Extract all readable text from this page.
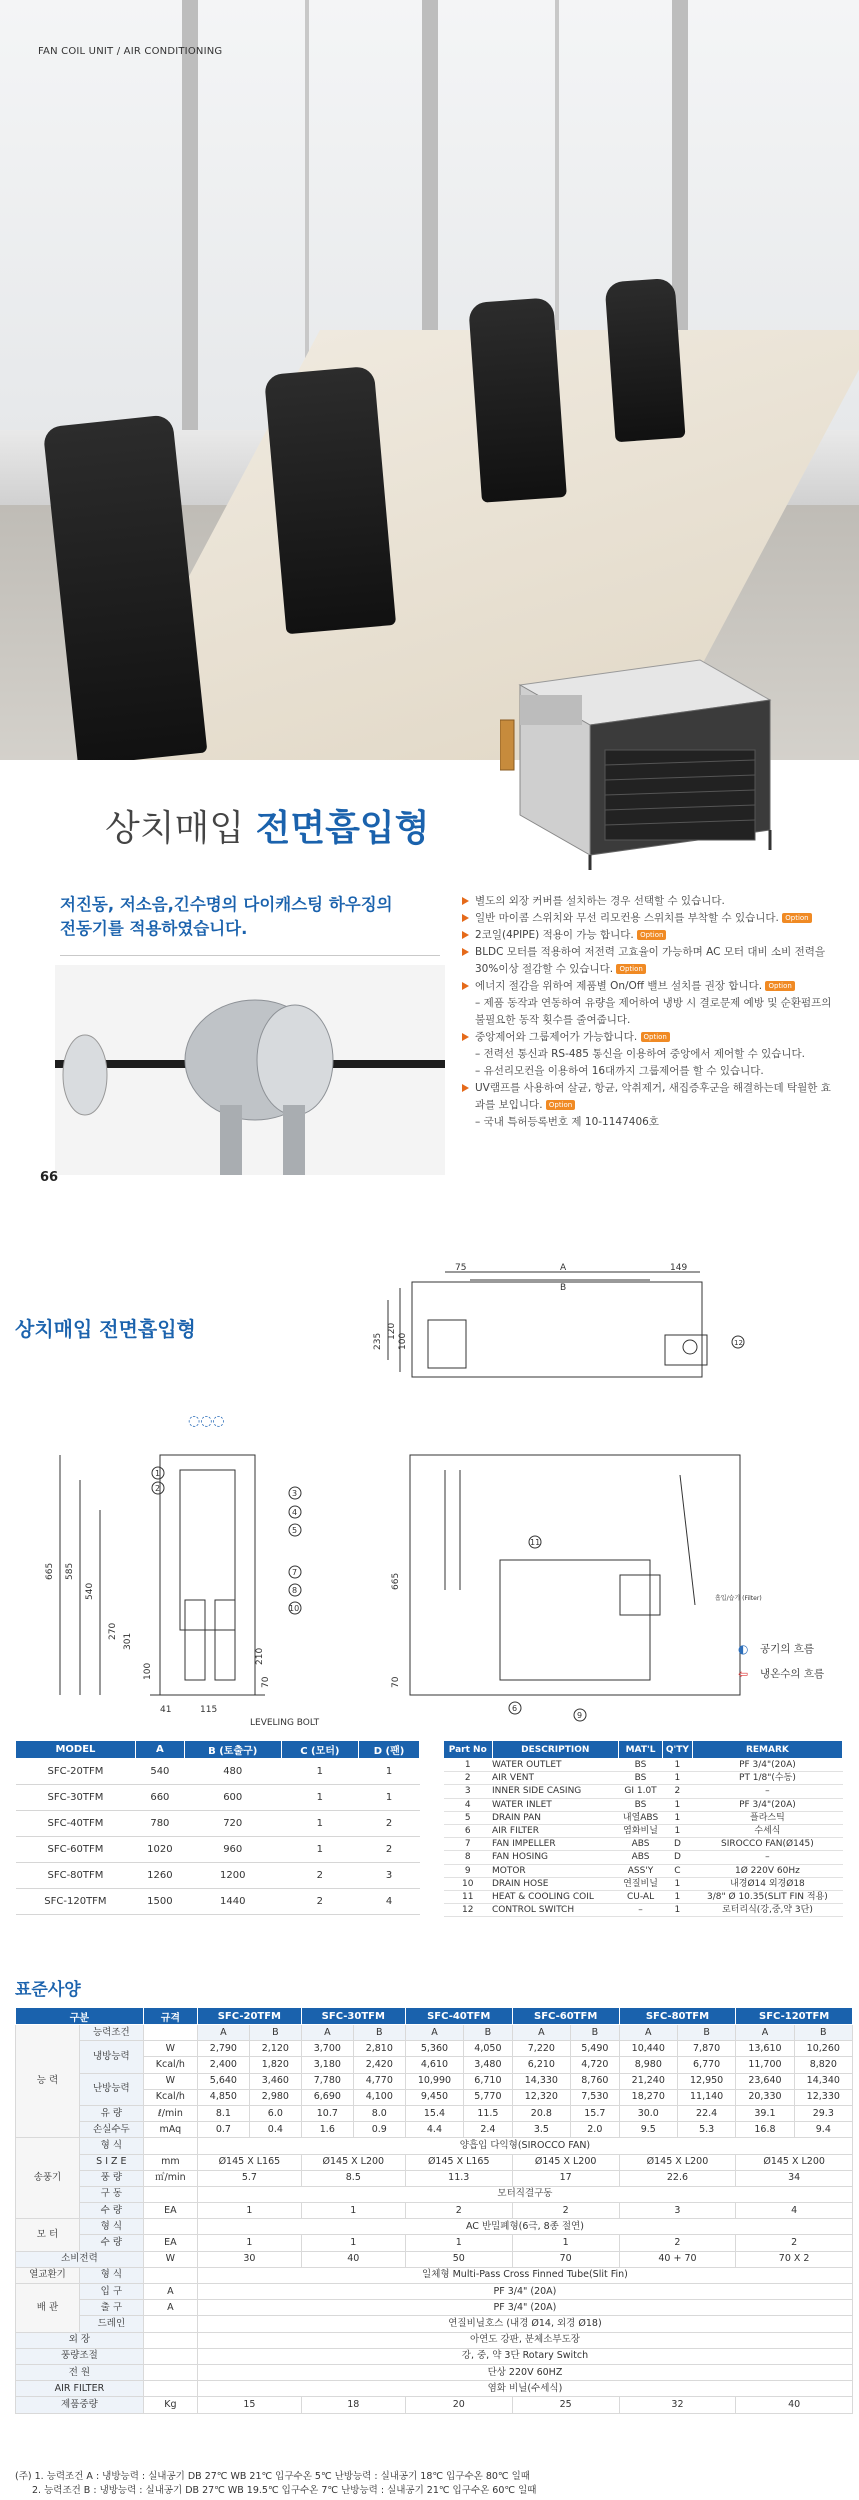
FAN COIL UNIT / AIR CONDITIONING
상치매입 전면흡입형
저진동, 저소음,긴수명의 다이캐스팅 하우징의
전동기를 적용하였습니다.
별도의 외장 커버를 설치하는 경우 선택할 수 있습니다.
일반 마이콤 스위치와 무선 리모컨용 스위치를 부착할 수 있습니다. Option
2코일(4PIPE) 적용이 가능 합니다. Option
BLDC 모터를 적용하여 저전력 고효율이 가능하며 AC 모터 대비 소비 전력을 30%이상 절감할 수 있습니다. Option
에너지 절감을 위하여 제품별 On/Off 밸브 설치를 권장 합니다. Option
– 제품 동작과 연동하여 유량을 제어하여 냉방 시 결로문제 예방 및 순환펌프의 불필요한 동작 횟수를 줄여줍니다.
중앙제어와 그룹제어가 가능합니다. Option
– 전력선 통신과 RS-485 통신을 이용하여 중앙에서 제어할 수 있습니다.
– 유선리모컨을 이용하여 16대까지 그룹제어를 할 수 있습니다.
UV램프를 사용하여 살균, 항균, 악취제거, 새집증후군을 해결하는데 탁월한 효과를 보입니다. Option
– 국내 특허등록번호 제 10-1147406호
66
상치매입 전면흡입형
75	A	149
B
235
120
100	12
◌◌◌
665 585
540
270
301
100
210
70
41	115
LEVELING BOLT
1
2
3
4
5
7
8
10
665
70
11
6
9
흡입/습기 (Filter)
◐ 공기의 흐름
⇦ 냉온수의 흐름
MODEL	A	B (토출구)	C (모터)	D (팬)
SFC-20TFM	540	480	1	1
SFC-30TFM	660	600	1	1
SFC-40TFM	780	720	1	2
SFC-60TFM	1020	960	1	2
SFC-80TFM	1260	1200	2	3
SFC-120TFM	1500	1440	2	4
Part No	DESCRIPTION	MAT'L	Q'TY	REMARK
1	WATER OUTLET	BS	1	PF 3/4"(20A)
2	AIR VENT	BS	1	PT 1/8"(수동)
3	INNER SIDE CASING	GI 1.0T	2	–
4	WATER INLET	BS	1	PF 3/4"(20A)
5	DRAIN PAN	내열ABS	1	플라스틱
6	AIR FILTER	염화비닐	1	수세식
7	FAN IMPELLER	ABS	D	SIROCCO FAN(Ø145)
8	FAN HOSING	ABS	D	–
9	MOTOR	ASS'Y	C	1Ø 220V 60Hz
10	DRAIN HOSE	연질비닐	1	내경Ø14 외경Ø18
11	HEAT & COOLING COIL	CU-AL	1	3/8" Ø 10.35(SLIT FIN 적용)
12	CONTROL SWITCH	–	1	로터리식(강,중,약 3단)
표준사양
구분		규격	SFC-20TFM		SFC-30TFM		SFC-40TFM		SFC-60TFM		SFC-80TFM		SFC-120TFM	
능 력	능력조건		A	B	A	B	A	B	A	B	A	B	A	B
	냉방능력	W	2,790	2,120	3,700	2,810	5,360	4,050	7,220	5,490	10,440	7,870	13,610	10,260
		Kcal/h	2,400	1,820	3,180	2,420	4,610	3,480	6,210	4,720	8,980	6,770	11,700	8,820
	난방능력	W	5,640	3,460	7,780	4,770	10,990	6,710	14,330	8,760	21,240	12,950	23,640	14,340
		Kcal/h	4,850	2,980	6,690	4,100	9,450	5,770	12,320	7,530	18,270	11,140	20,330	12,330
	유 량	ℓ/min	8.1	6.0	10.7	8.0	15.4	11.5	20.8	15.7	30.0	22.4	39.1	29.3
	손실수두	mAq	0.7	0.4	1.6	0.9	4.4	2.4	3.5	2.0	9.5	5.3	16.8	9.4
송풍기	형 식		양흡입 다익형(SIROCCO FAN)											
	S I Z E	mm	Ø145 X L165		Ø145 X L200		Ø145 X L165		Ø145 X L200		Ø145 X L200		Ø145 X L200	
	풍 량	㎥/min	5.7		8.5		11.3		17		22.6		34	
	구 동		모터직결구동											
	수 량	EA	1		1		2		2		3		4	
모 터	형 식		AC 반밀폐형(6극, 8종 절연)											
	수 량	EA	1		1		1		1		2		2	
소비전력		W	30		40		50		70		40 + 70		70 X 2	
열교환기	형 식		일체형 Multi-Pass Cross Finned Tube(Slit Fin)											
배 관	입 구	A	PF 3/4" (20A)											
	출 구	A	PF 3/4" (20A)											
	드레인		연질비닐호스 (내경 Ø14, 외경 Ø18)											
외 장			아연도 강판, 분체소부도장											
풍량조절			강, 중, 약 3단 Rotary Switch											
전 원			단상 220V 60HZ											
AIR FILTER			염화 비닐(수세식)											
제품중량		Kg	15		18		20		25		32		40	
(주) 1. 능력조건 A : 냉방능력 : 실내공기 DB 27℃ WB 21℃ 입구수온 5℃ 난방능력 : 실내공기 18℃ 입구수온 80℃ 일때
2. 능력조건 B : 냉방능력 : 실내공기 DB 27℃ WB 19.5℃ 입구수온 7℃ 난방능력 : 실내공기 21℃ 입구수온 60℃ 일때
